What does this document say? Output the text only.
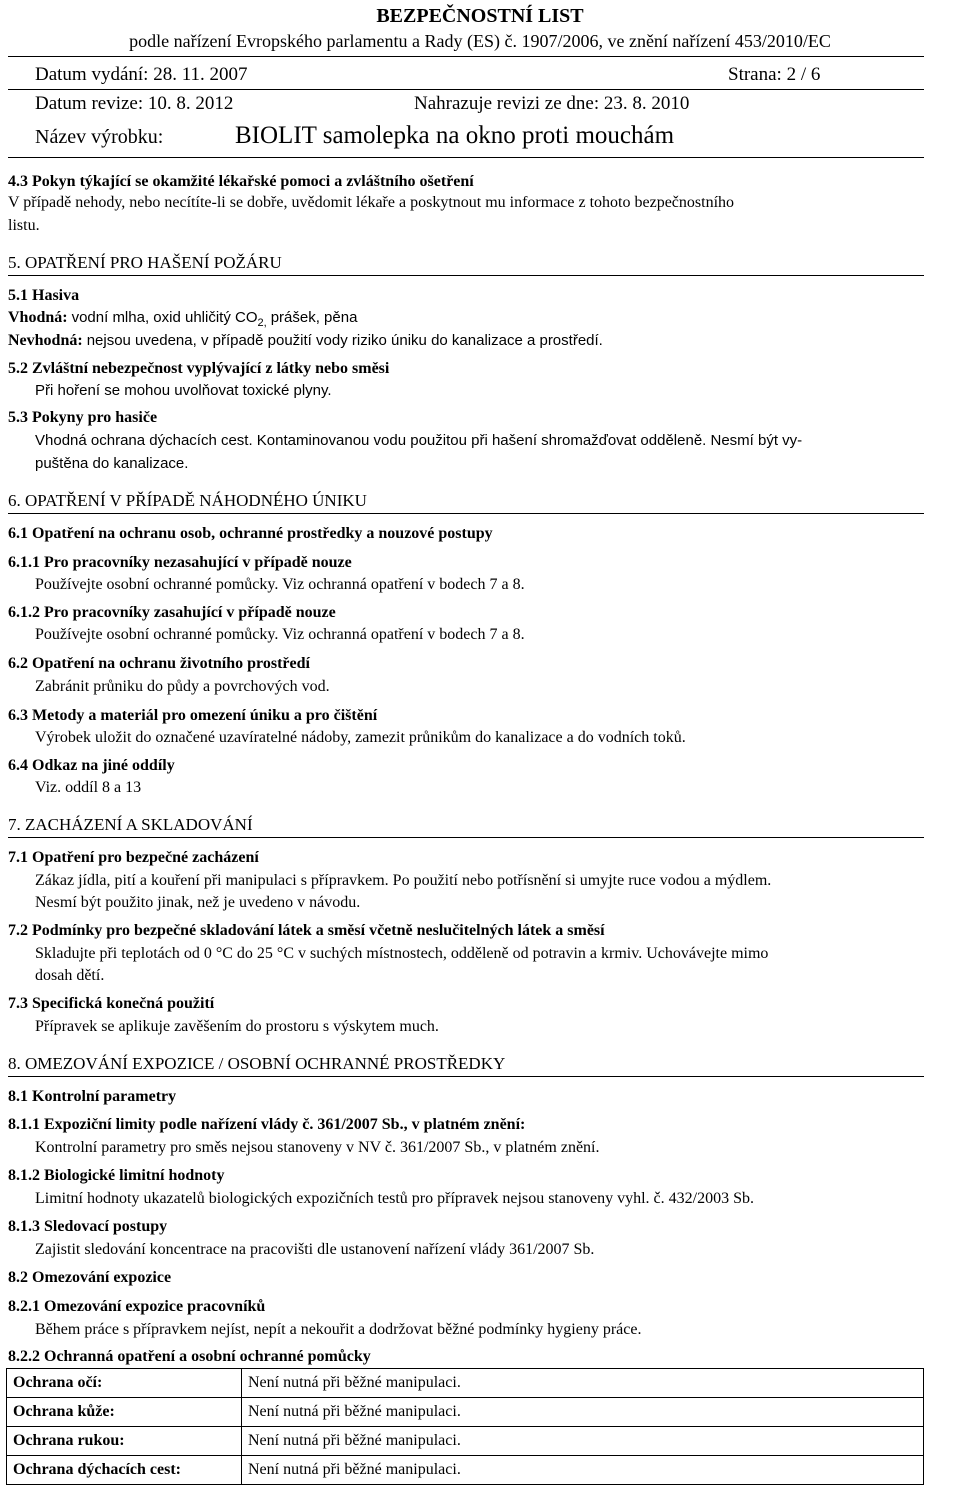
BEZPEČNOSTNÍ LIST
podle nařízení Evropského parlamentu a Rady (ES) č. 1907/2006, ve znění nařízení 453/2010/EC
Datum vydání: 28. 11. 2007	Strana: 2 / 6
Datum revize: 10. 8. 2012	Nahrazuje revizi ze dne: 23. 8. 2010
Název výrobku:	BIOLIT samolepka na okno proti mouchám
4.3 Pokyn týkající se okamžité lékařské pomoci a zvláštního ošetření
V případě nehody, nebo necítíte-li se dobře, uvědomit lékaře a poskytnout mu informace z tohoto bezpečnostního
listu.
5. OPATŘENÍ PRO HAŠENÍ POŽÁRU
5.1 Hasiva
Vhodná: vodní mlha, oxid uhličitý $CO_{2,}$ prášek, pěna
Nevhodná: nejsou uvedena, v případě použití vody riziko úniku do kanalizace a prostředí.
5.2 Zvláštní nebezpečnost vyplývající z látky nebo směsi
Při hoření se mohou uvolňovat toxické plyny.
5.3 Pokyny pro hasiče
Vhodná ochrana dýchacích cest. Kontaminovanou vodu použitou při hašení shromažďovat odděleně. Nesmí být vy-
puštěna do kanalizace.
6. OPATŘENÍ V PŘÍPADĚ NÁHODNÉHO ÚNIKU
6.1 Opatření na ochranu osob, ochranné prostředky a nouzové postupy
6.1.1 Pro pracovníky nezasahující v případě nouze
Používejte osobní ochranné pomůcky. Viz ochranná opatření v bodech 7 a 8.
6.1.2 Pro pracovníky zasahující v případě nouze
Používejte osobní ochranné pomůcky. Viz ochranná opatření v bodech 7 a 8.
6.2 Opatření na ochranu životního prostředí
Zabránit průniku do půdy a povrchových vod.
6.3 Metody a materiál pro omezení úniku a pro čištění
Výrobek uložit do označené uzavíratelné nádoby, zamezit průnikům do kanalizace a do vodních toků.
6.4 Odkaz na jiné oddíly
Viz. oddíl 8 a 13
7. ZACHÁZENÍ A SKLADOVÁNÍ
7.1 Opatření pro bezpečné zacházení
Zákaz jídla, pití a kouření při manipulaci s přípravkem. Po použití nebo potřísnění si umyjte ruce vodou a mýdlem.
Nesmí být použito jinak, než je uvedeno v návodu.
7.2 Podmínky pro bezpečné skladování látek a směsí včetně neslučitelných látek a směsí
Skladujte při teplotách od 0 °C do 25 °C v suchých místnostech, odděleně od potravin a krmiv. Uchovávejte mimo
dosah dětí.
7.3 Specifická konečná použití
Přípravek se aplikuje zavěšením do prostoru s výskytem much.
8. OMEZOVÁNÍ EXPOZICE / OSOBNÍ OCHRANNÉ PROSTŘEDKY
8.1 Kontrolní parametry
8.1.1 Expoziční limity podle nařízení vlády č. 361/2007 Sb., v platném znění:
Kontrolní parametry pro směs nejsou stanoveny v NV č. 361/2007 Sb., v platném znění.
8.1.2 Biologické limitní hodnoty
Limitní hodnoty ukazatelů biologických expozičních testů pro přípravek nejsou stanoveny vyhl. č. 432/2003 Sb.
8.1.3 Sledovací postupy
Zajistit sledování koncentrace na pracovišti dle ustanovení nařízení vlády 361/2007 Sb.
8.2 Omezování expozice
8.2.1 Omezování expozice pracovníků
Během práce s přípravkem nejíst, nepít a nekouřit a dodržovat běžné podmínky hygieny práce.
8.2.2 Ochranná opatření a osobní ochranné pomůcky
Ochrana očí:	Není nutná při běžné manipulaci.
Ochrana kůže:	Není nutná při běžné manipulaci.
Ochrana rukou:	Není nutná při běžné manipulaci.
Ochrana dýchacích cest:	Není nutná při běžné manipulaci.
